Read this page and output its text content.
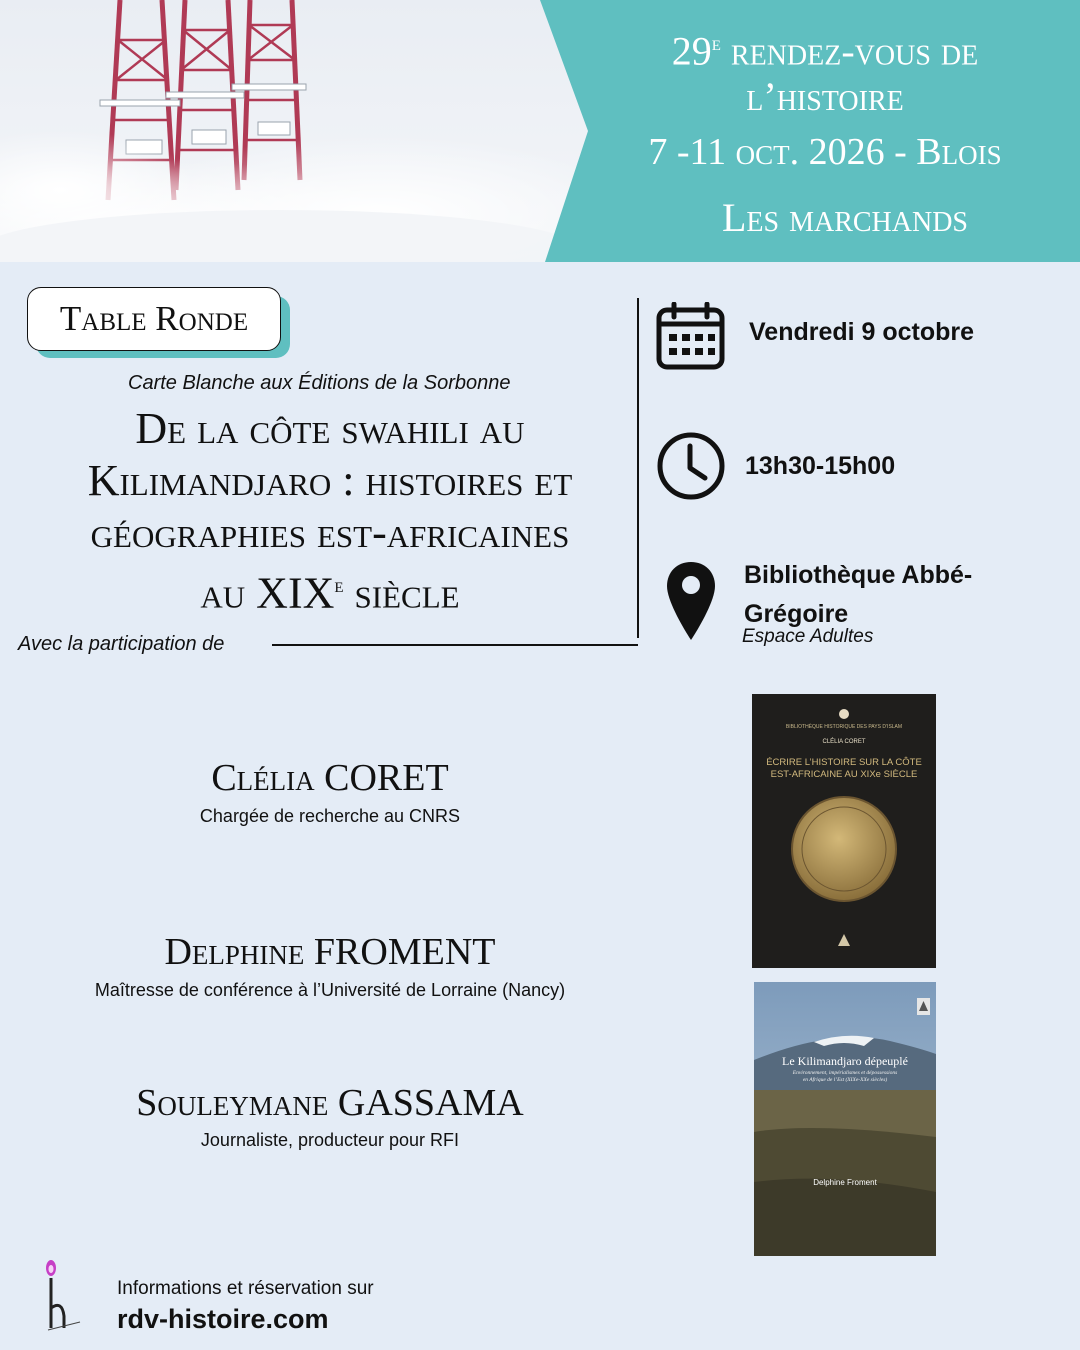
29e rendez-vous de
l’histoire
7 -11 oct. 2026 - Blois
Les marchands
Table Ronde
Carte Blanche aux Éditions de la Sorbonne
De la côte swahili au
Kilimandjaro : histoires et
géographies est-africaines
au XIXe siècle
Avec la participation de
Vendredi 9 octobre
13h30-15h00
Bibliothèque Abbé-
Grégoire
Espace Adultes
Clélia CORET
Chargée de recherche au CNRS
Delphine FROMENT
Maîtresse de conférence à l’Université de Lorraine (Nancy)
Souleymane GASSAMA
Journaliste, producteur pour RFI
BIBLIOTHÈQUE HISTORIQUE DES PAYS D’ISLAM
CLÉLIA CORET
ÉCRIRE L’HISTOIRE SUR LA CÔTE
EST-AFRICAINE AU XIXe SIÈCLE
Le Kilimandjaro dépeuplé
Environnement, impérialismes et dépossessions
en Afrique de l’Est (XIXe-XXe siècles)
Delphine Froment
Informations et réservation sur
rdv-histoire.com
